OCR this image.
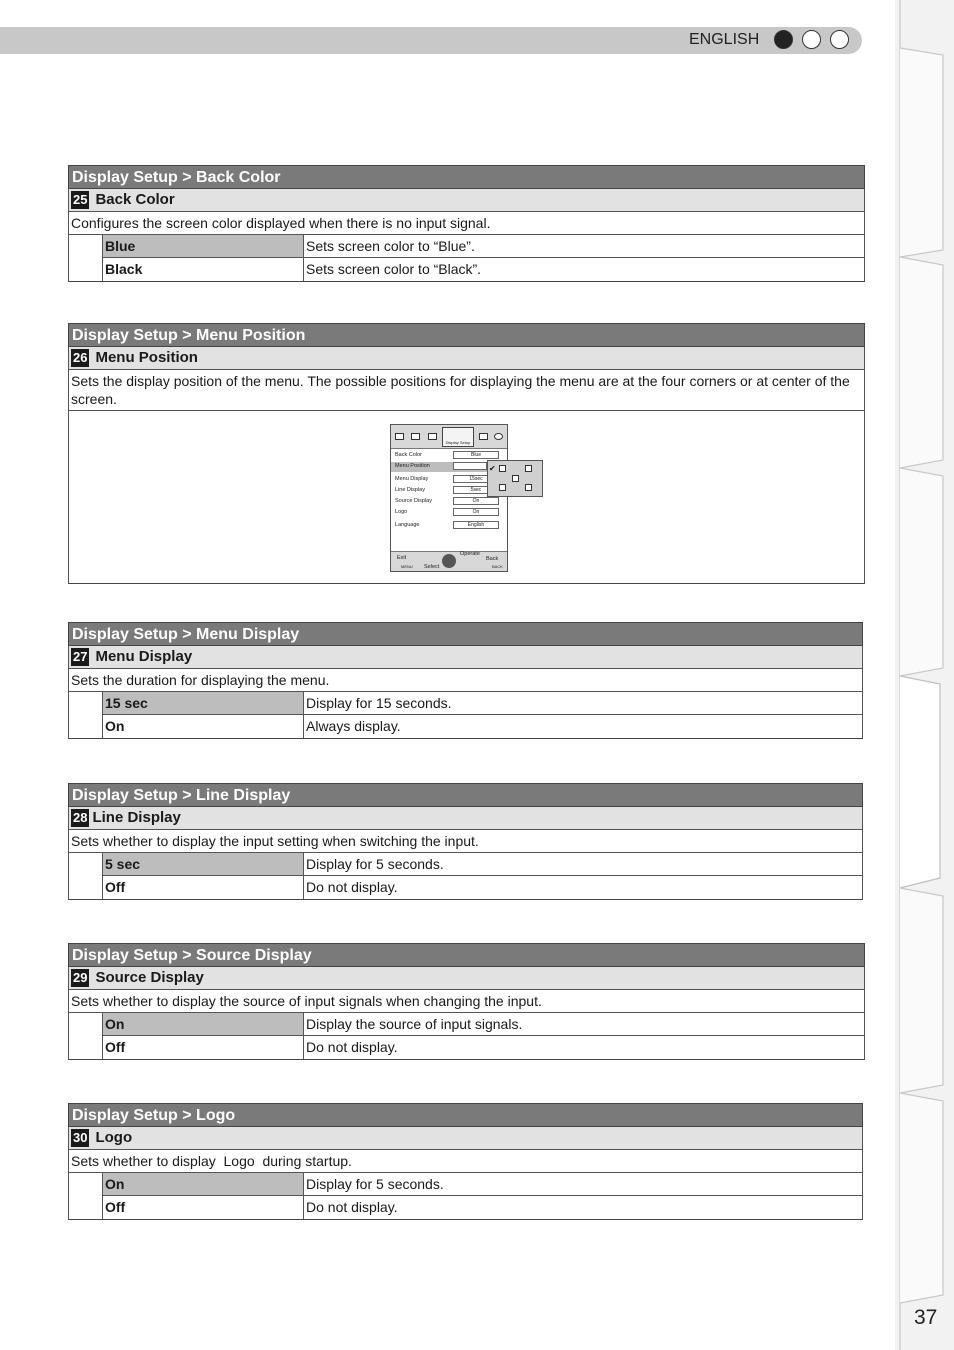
ENGLISH
37
Display Setup > Back Color
25 Back Color
Configures the screen color displayed when there is no input signal.
Blue	Sets screen color to “Blue”.
Black	Sets screen color to “Black”.
Display Setup > Menu Position
26 Menu Position
Sets the display position of the menu. The possible positions for displaying the menu are at the four corners or at center of the screen.
Display Setup
Back Color	Blue
Menu Position
Menu Display	15sec
Line Display	5sec
Source Display	On
Logo	On
Language	English
Exit
MENU Select
Operate
Back
BACK
✔
Display Setup > Menu Display
27 Menu Display
Sets the duration for displaying the menu.
15 sec	Display for 15 seconds.
On	Always display.
Display Setup > Line Display
28 Line Display
Sets whether to display the input setting when switching the input.
5 sec	Display for 5 seconds.
Off	Do not display.
Display Setup > Source Display
29 Source Display
Sets whether to display the source of input signals when changing the input.
On	Display the source of input signals.
Off	Do not display.
Display Setup > Logo
30 Logo
Sets whether to display  Logo  during startup.
On	Display for 5 seconds.
Off	Do not display.
